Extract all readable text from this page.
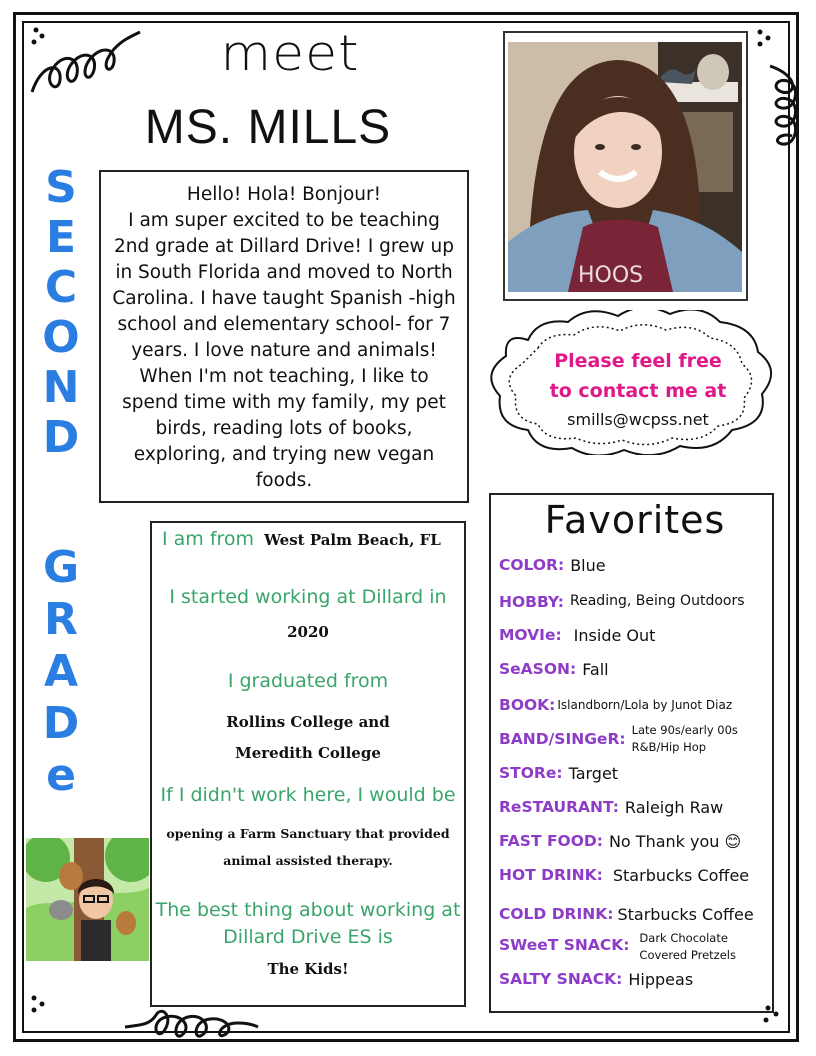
meet
MS. MILLS
S
E
C
O
N
D
G
R
A
D
e

Hello! Hola! Bonjour!
I am super excited to be teaching 2nd grade at Dillard Drive! I grew up in South Florida and moved to North Carolina. I have taught Spanish -high school and elementary school- for 7 years. I love nature and animals! When I'm not teaching, I like to spend time with my family, my pet birds, reading lots of books, exploring, and trying new vegan foods.

HOOS
Please feel free
to contact me at
smills@wcpss.net
I am from West Palm Beach, FL
I started working at Dillard in
2020
I graduated from
Rollins College and
Meredith College
If I didn't work here, I would be
opening a Farm Sanctuary that provided
animal assisted therapy.
The best thing about working at
Dillard Drive ES is
The Kids!
Favorites
COLOR: Blue
HOBBY: Reading, Being Outdoors
MOVIe: Inside Out
SeASON: Fall
BOOK: Islandborn/Lola by Junot Diaz
BAND/SINGeR: Late 90s/early 00s R&B/Hip Hop
STORe: Target
ReSTAURANT: Raleigh Raw
FAST FOOD: No Thank you 😊
HOT DRINK: Starbucks Coffee
COLD DRINK: Starbucks Coffee
SWeeT SNACK: Dark Chocolate Covered Pretzels
SALTY SNACK: Hippeas
